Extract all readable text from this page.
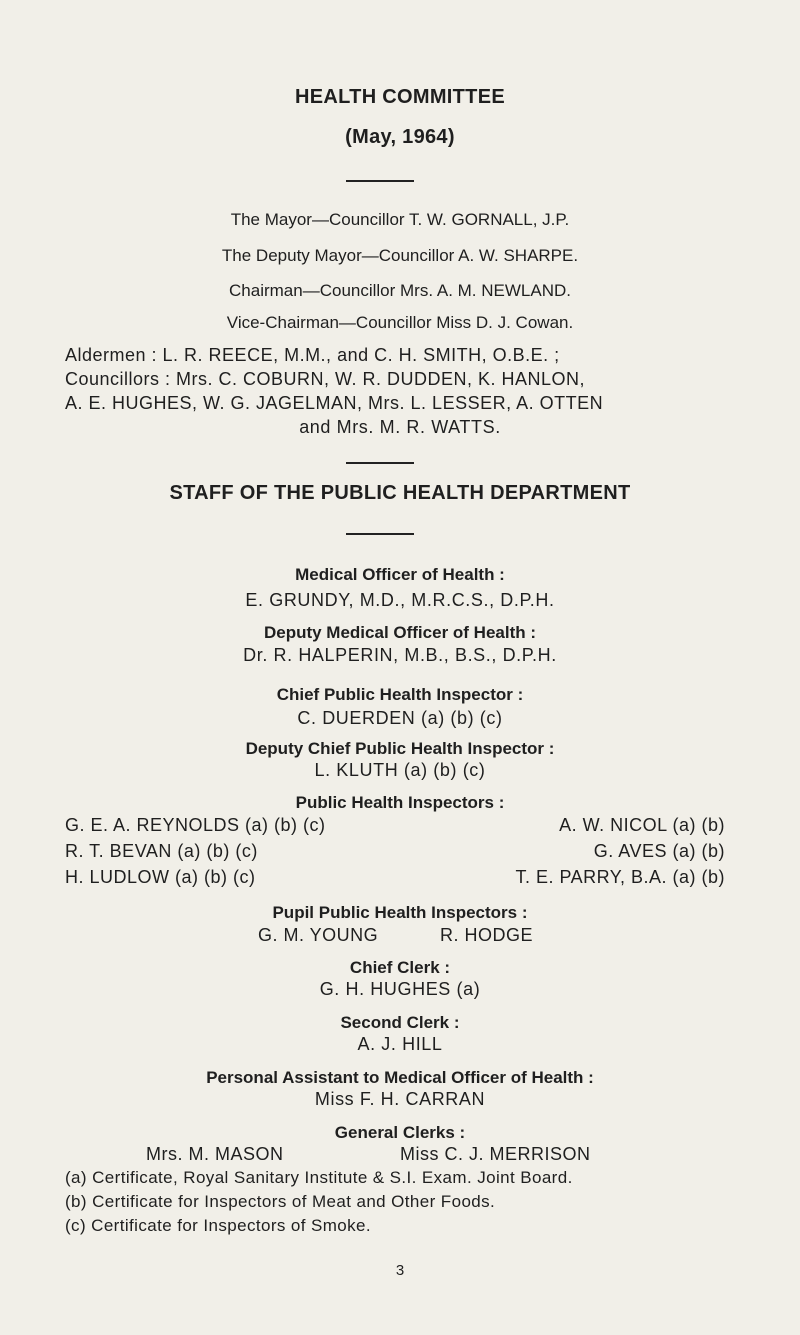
HEALTH COMMITTEE
(May, 1964)
The Mayor—Councillor T. W. GORNALL, J.P.
The Deputy Mayor—Councillor A. W. SHARPE.
Chairman—Councillor Mrs. A. M. NEWLAND.
Vice-Chairman—Councillor Miss D. J. Cowan.
Aldermen : L. R. REECE, M.M., and C. H. SMITH, O.B.E. ;
Councillors : Mrs. C. COBURN, W. R. DUDDEN, K. HANLON,
A. E. HUGHES, W. G. JAGELMAN, Mrs. L. LESSER, A. OTTEN
and Mrs. M. R. WATTS.
STAFF OF THE PUBLIC HEALTH DEPARTMENT
Medical Officer of Health :
E. GRUNDY, M.D., M.R.C.S., D.P.H.
Deputy Medical Officer of Health :
Dr. R. HALPERIN, M.B., B.S., D.P.H.
Chief Public Health Inspector :
C. DUERDEN (a) (b) (c)
Deputy Chief Public Health Inspector :
L. KLUTH (a) (b) (c)
Public Health Inspectors :
G. E. A. REYNOLDS (a) (b) (c)	A. W. NICOL (a) (b)
R. T. BEVAN (a) (b) (c)	G. AVES (a) (b)
H. LUDLOW (a) (b) (c)	T. E. PARRY, B.A. (a) (b)
Pupil Public Health Inspectors :
G. M. YOUNG	R. HODGE
Chief Clerk :
G. H. HUGHES (a)
Second Clerk :
A. J. HILL
Personal Assistant to Medical Officer of Health :
Miss F. H. CARRAN
General Clerks :
Mrs. M. MASON	Miss C. J. MERRISON
(a) Certificate, Royal Sanitary Institute & S.I. Exam. Joint Board.
(b) Certificate for Inspectors of Meat and Other Foods.
(c) Certificate for Inspectors of Smoke.
3
